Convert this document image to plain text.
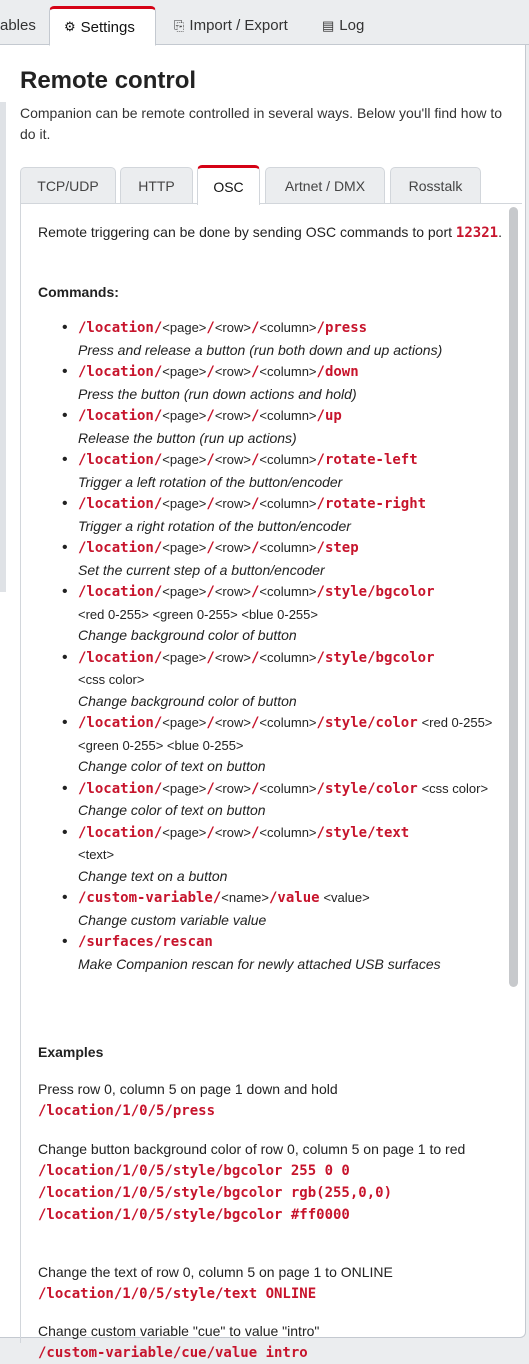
ables ⚙ Settings	⎘ Import / Export	▤ Log
Remote control

Companion can be remote controlled in several ways. Below you'll find how to do it.

TCP/UDP	HTTP	OSC	Artnet / DMX	Rosstalk

Remote triggering can be done by sending OSC commands to port 12321.

Commands:

• /location/<page>/<row>/<column>/press
Press and release a button (run both down and up actions)
• /location/<page>/<row>/<column>/down
Press the button (run down actions and hold)
• /location/<page>/<row>/<column>/up
Release the button (run up actions)
• /location/<page>/<row>/<column>/rotate-left
Trigger a left rotation of the button/encoder
• /location/<page>/<row>/<column>/rotate-right
Trigger a right rotation of the button/encoder
• /location/<page>/<row>/<column>/step
Set the current step of a button/encoder
• /location/<page>/<row>/<column>/style/bgcolor
<red 0-255> <green 0-255> <blue 0-255>
Change background color of button
• /location/<page>/<row>/<column>/style/bgcolor
<css color>
Change background color of button
• /location/<page>/<row>/<column>/style/color <red 0-255> <green 0-255> <blue 0-255>
Change color of text on button
• /location/<page>/<row>/<column>/style/color <css color>
Change color of text on button
• /location/<page>/<row>/<column>/style/text
<text>
Change text on a button
• /custom-variable/<name>/value <value>
Change custom variable value
• /surfaces/rescan
Make Companion rescan for newly attached USB surfaces

Examples

Press row 0, column 5 on page 1 down and hold
/location/1/0/5/press
Change button background color of row 0, column 5 on page 1 to red
/location/1/0/5/style/bgcolor 255 0 0
/location/1/0/5/style/bgcolor rgb(255,0,0)
/location/1/0/5/style/bgcolor #ff0000
Change the text of row 0, column 5 on page 1 to ONLINE
/location/1/0/5/style/text ONLINE
Change custom variable "cue" to value "intro"
/custom-variable/cue/value intro
